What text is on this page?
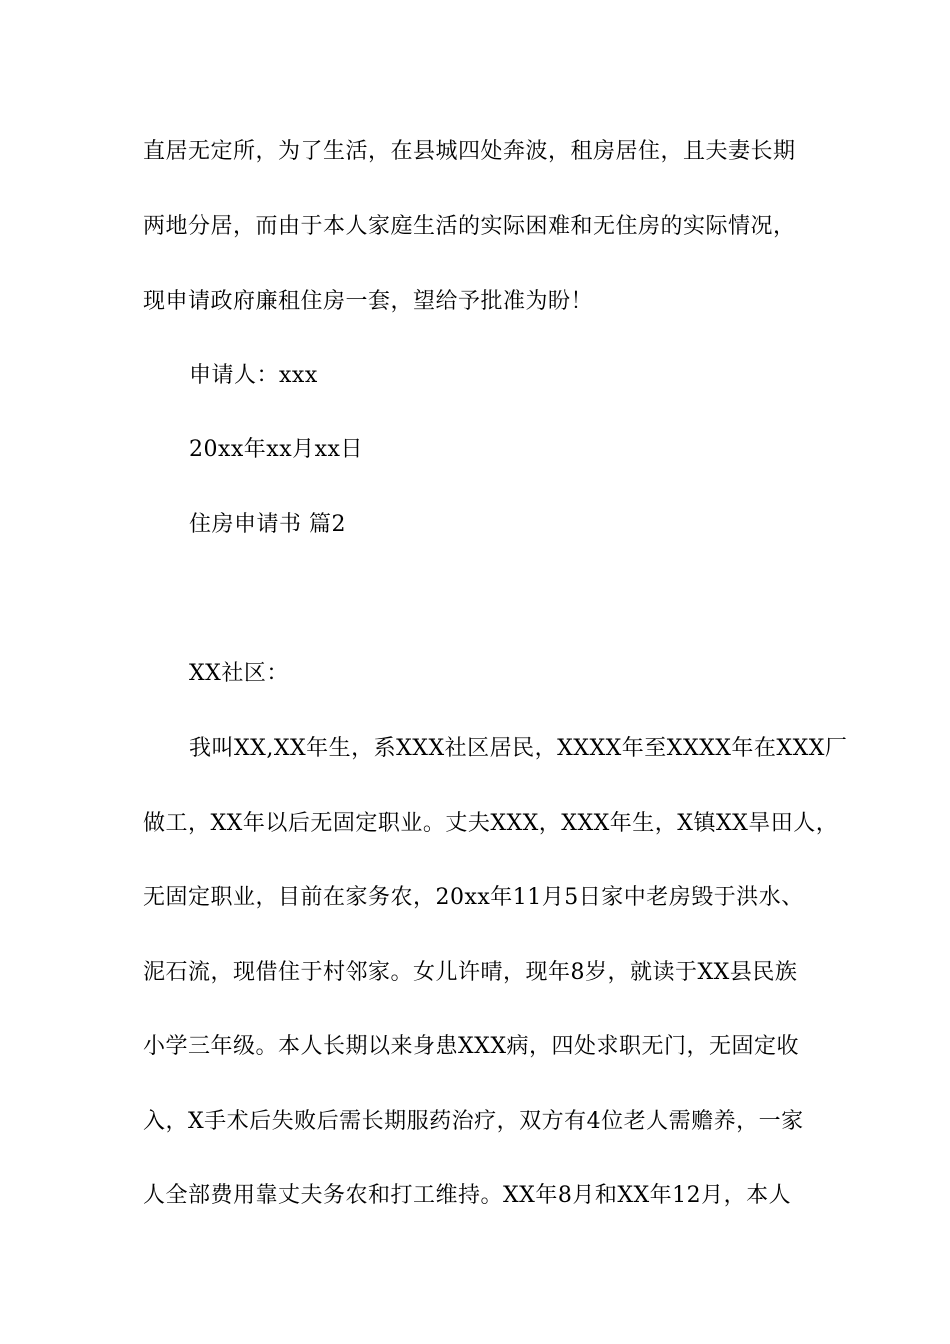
直居无定所，为了生活，在县城四处奔波，租房居住，且夫妻长期
两地分居，而由于本人家庭生活的实际困难和无住房的实际情况，
现申请政府廉租住房一套，望给予批准为盼！
申请人：xxx
20xx年xx月xx日
住房申请书 篇2
XX社区：
我叫XX,XX年生，系XXX社区居民，XXXX年至XXXX年在XXX厂
做工，XX年以后无固定职业。丈夫XXX，XXX年生，X镇XX旱田人，
无固定职业，目前在家务农，20xx年11月5日家中老房毁于洪水、
泥石流，现借住于村邻家。女儿许晴，现年8岁，就读于XX县民族
小学三年级。本人长期以来身患XXX病，四处求职无门，无固定收
入，X手术后失败后需长期服药治疗，双方有4位老人需赡养，一家
人全部费用靠丈夫务农和打工维持。XX年8月和XX年12月，本人
